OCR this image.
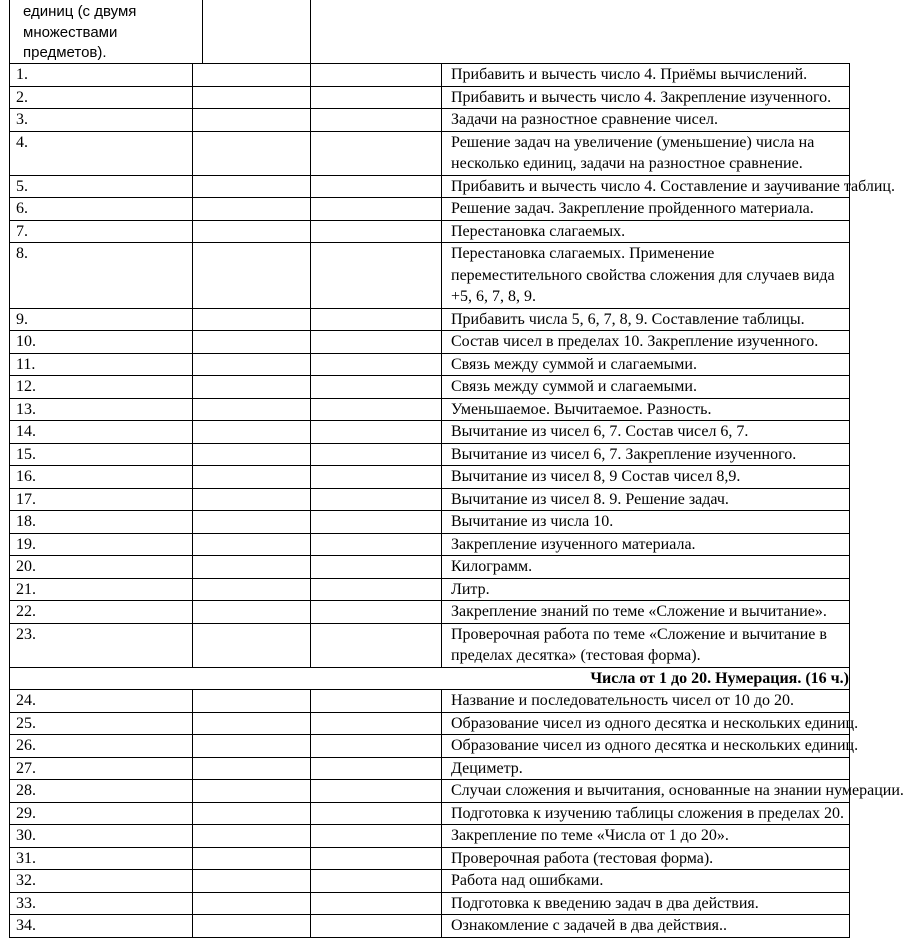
единиц (с двумя множествами предметов).
1.			Прибавить и вычесть число 4. Приёмы вычислений.
2.			Прибавить и вычесть число 4. Закрепление изученного.
3.			Задачи на разностное сравнение чисел.
4.			Решение задач на увеличение (уменьшение) числа на несколько единиц, задачи на разностное сравнение.
5.			Прибавить и вычесть число 4. Составление и заучивание таблиц.
6.			Решение задач. Закрепление пройденного материала.
7.			Перестановка слагаемых.
8.			Перестановка слагаемых. Применение переместительного свойства сложения для случаев вида +5, 6, 7, 8, 9.
9.			Прибавить числа 5, 6, 7, 8, 9. Составление таблицы.
10.			Состав чисел в пределах 10. Закрепление изученного.
11.			Связь между суммой и слагаемыми.
12.			Связь между суммой и слагаемыми.
13.			Уменьшаемое. Вычитаемое. Разность.
14.			Вычитание из чисел 6, 7. Состав чисел 6, 7.
15.			Вычитание из чисел 6, 7. Закрепление изученного.
16.			Вычитание из чисел 8, 9 Состав чисел 8,9.
17.			Вычитание из чисел 8. 9. Решение задач.
18.			Вычитание из числа 10.
19.			Закрепление изученного материала.
20.			Килограмм.
21.			Литр.
22.			Закрепление знаний по теме «Сложение и вычитание».
23.			Проверочная работа по теме «Сложение и вычитание в пределах десятка» (тестовая форма).
Числа от 1 до 20. Нумерация. (16 ч.)			
24.			Название и последовательность чисел от 10 до 20.
25.			Образование чисел из одного десятка и нескольких единиц.
26.			Образование чисел из одного десятка и нескольких единиц.
27.			Дециметр.
28.			Случаи сложения и вычитания, основанные на знании нумерации.
29.			Подготовка к изучению таблицы сложения в пределах 20.
30.			Закрепление по теме «Числа от 1 до 20».
31.			Проверочная работа (тестовая форма).
32.			Работа над ошибками.
33.			Подготовка к введению задач в два действия.
34.			Ознакомление с задачей в два действия..
